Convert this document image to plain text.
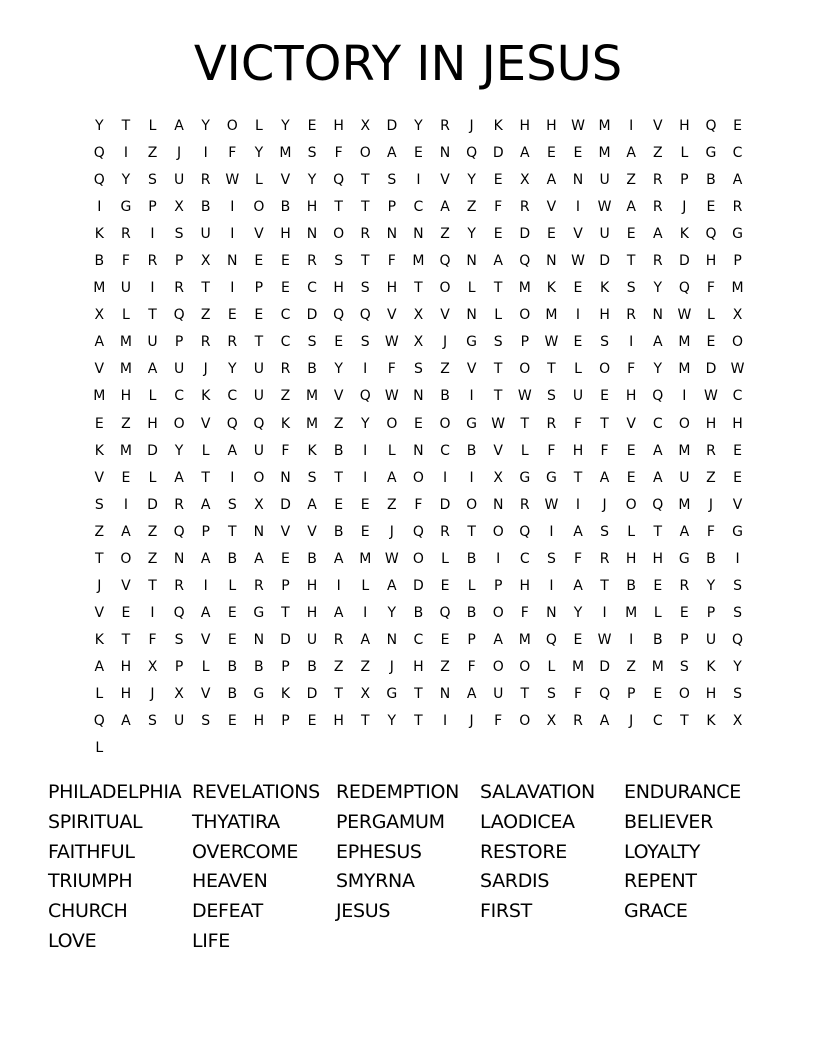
VICTORY IN JESUS
Y	T	L	A	Y	O	L	Y	E	H	X	D	Y	R	J	K	H	H	W M	I	V	H	Q	E
Q	I	Z	J	I	F	Y	M	S	F	O	A	E	N	Q	D	A	E	E	M	A	Z	L	G	C
Q	Y	S	U	R	W	L	V	Y	Q	T	S	I	V	Y	E	X	A	N	U	Z	R	P	B	A
I	G	P	X	B	I	O	B	H	T	T	P	C	A	Z	F	R	V	I	W	A	R	J	E	R
K	R	I	S	U	I	V	H	N	O	R	N	N	Z	Y	E	D	E	V	U	E	A	K	Q	G
B	F	R	P	X	N	E	E	R	S	T	F	M	Q	N	A	Q	N	W	D	T	R	D	H	P
M	U	I	R	T	I	P	E	C	H	S	H	T	O	L	T	M	K	E	K	S	Y	Q	F	M
X	L	T	Q	Z	E	E	C	D	Q	Q	V	X	V	N	L	O	M	I	H	R	N	W	L	X
A	M	U	P	R	R	T	C	S	E	S	W	X	J	G	S	P	W	E	S	I	A	M	E	O
V	M	A	U	J	Y	U	R	B	Y	I	F	S	Z	V	T	O	T	L	O	F	Y	M	D	W
M	H	L	C	K	C	U	Z	M	V	Q	W	N	B	I	T	W	S	U	E	H	Q	I	W	C
E	Z	H	O	V	Q	Q	K	M	Z	Y	O	E	O	G	W	T	R	F	T	V	C	O	H	H
K	M	D	Y	L	A	U	F	K	B	I	L	N	C	B	V	L	F	H	F	E	A	M	R	E
V	E	L	A	T	I	O	N	S	T	I	A	O	I	I	X	G	G	T	A	E	A	U	Z	E
S	I	D	R	A	S	X	D	A	E	E	Z	F	D	O	N	R	W	I	J	O	Q	M	J	V
Z	A	Z	Q	P	T	N	V	V	B	E	J	Q	R	T	O	Q	I	A	S	L	T	A	F	G
T	O	Z	N	A	B	A	E	B	A	M W	O	L	B	I	C	S	F	R	H	H	G	B	I
J	V	T	R	I	L	R	P	H	I	L	A	D	E	L	P	H	I	A	T	B	E	R	Y	S
V	E	I	Q	A	E	G	T	H	A	I	Y	B	Q	B	O	F	N	Y	I	M	L	E	P	S
K	T	F	S	V	E	N	D	U	R	A	N	C	E	P	A	M	Q	E	W	I	B	P	U	Q
A	H	X	P	L	B	B	P	B	Z	Z	J	H	Z	F	O	O	L	M	D	Z	M	S	K	Y
L	H	J	X	V	B	G	K	D	T	X	G	T	N	A	U	T	S	F	Q	P	E	O	H	S
Q	A	S	U	S	E	H	P	E	H	T	Y	T	I	J	F	O	X	R	A	J	C	T	K	X
L
PHILADELPHIA REVELATIONS REDEMPTION	SALAVATION	ENDURANCE
SPIRITUAL	THYATIRA	PERGAMUM	LAODICEA	BELIEVER
FAITHFUL	OVERCOME	EPHESUS	RESTORE	LOYALTY
TRIUMPH	HEAVEN	SMYRNA	SARDIS	REPENT
CHURCH	DEFEAT	JESUS	FIRST	GRACE
LOVE	LIFE
